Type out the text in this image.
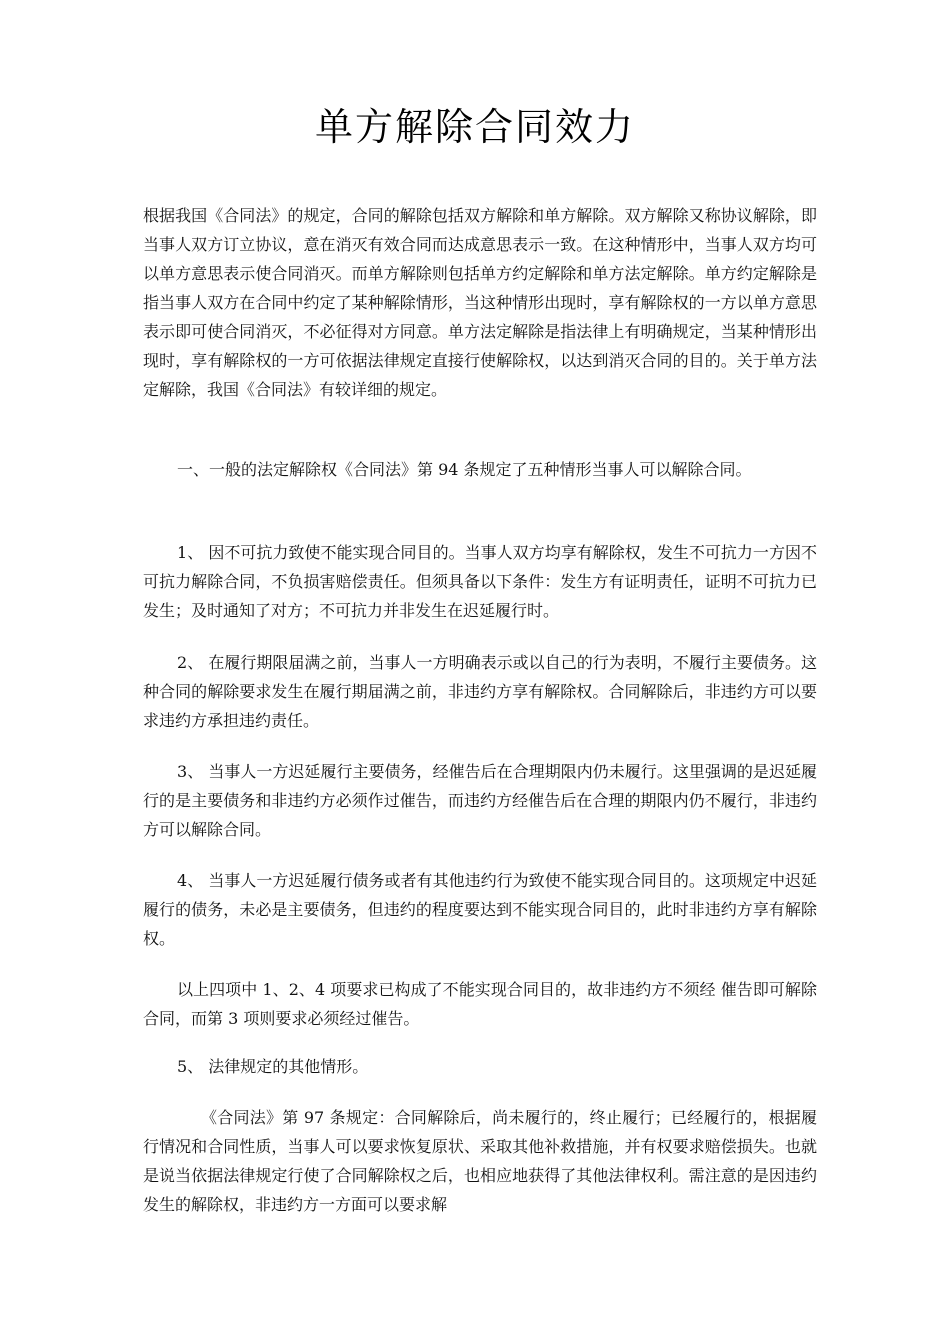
单方解除合同效力

根据我国《合同法》的规定，合同的解除包括双方解除和单方解除。双方解除又称协议解除，即当事人双方订立协议，意在消灭有效合同而达成意思表示一致。在这种情形中，当事人双方均可以单方意思表示使合同消灭。而单方解除则包括单方约定解除和单方法定解除。单方约定解除是指当事人双方在合同中约定了某种解除情形，当这种情形出现时，享有解除权的一方以单方意思表示即可使合同消灭，不必征得对方同意。单方法定解除是指法律上有明确规定，当某种情形出现时，享有解除权的一方可依据法律规定直接行使解除权，以达到消灭合同的目的。关于单方法定解除，我国《合同法》有较详细的规定。

一、一般的法定解除权《合同法》第 94 条规定了五种情形当事人可以解除合同。

1、 因不可抗力致使不能实现合同目的。当事人双方均享有解除权，发生不可抗力一方因不可抗力解除合同，不负损害赔偿责任。但须具备以下条件：发生方有证明责任，证明不可抗力已发生；及时通知了对方；不可抗力并非发生在迟延履行时。

2、 在履行期限届满之前，当事人一方明确表示或以自己的行为表明，不履行主要债务。这种合同的解除要求发生在履行期届满之前，非违约方享有解除权。合同解除后，非违约方可以要求违约方承担违约责任。

3、 当事人一方迟延履行主要债务，经催告后在合理期限内仍未履行。这里强调的是迟延履行的是主要债务和非违约方必须作过催告，而违约方经催告后在合理的期限内仍不履行，非违约方可以解除合同。

4、 当事人一方迟延履行债务或者有其他违约行为致使不能实现合同目的。这项规定中迟延履行的债务，未必是主要债务，但违约的程度要达到不能实现合同目的，此时非违约方享有解除权。

以上四项中 1、2、4 项要求已构成了不能实现合同目的，故非违约方不须经 催告即可解除合同，而第 3 项则要求必须经过催告。

5、 法律规定的其他情形。

《合同法》第 97 条规定：合同解除后，尚未履行的，终止履行；已经履行的，根据履行情况和合同性质，当事人可以要求恢复原状、采取其他补救措施，并有权要求赔偿损失。也就是说当依据法律规定行使了合同解除权之后，也相应地获得了其他法律权利。需注意的是因违约发生的解除权，非违约方一方面可以要求解
